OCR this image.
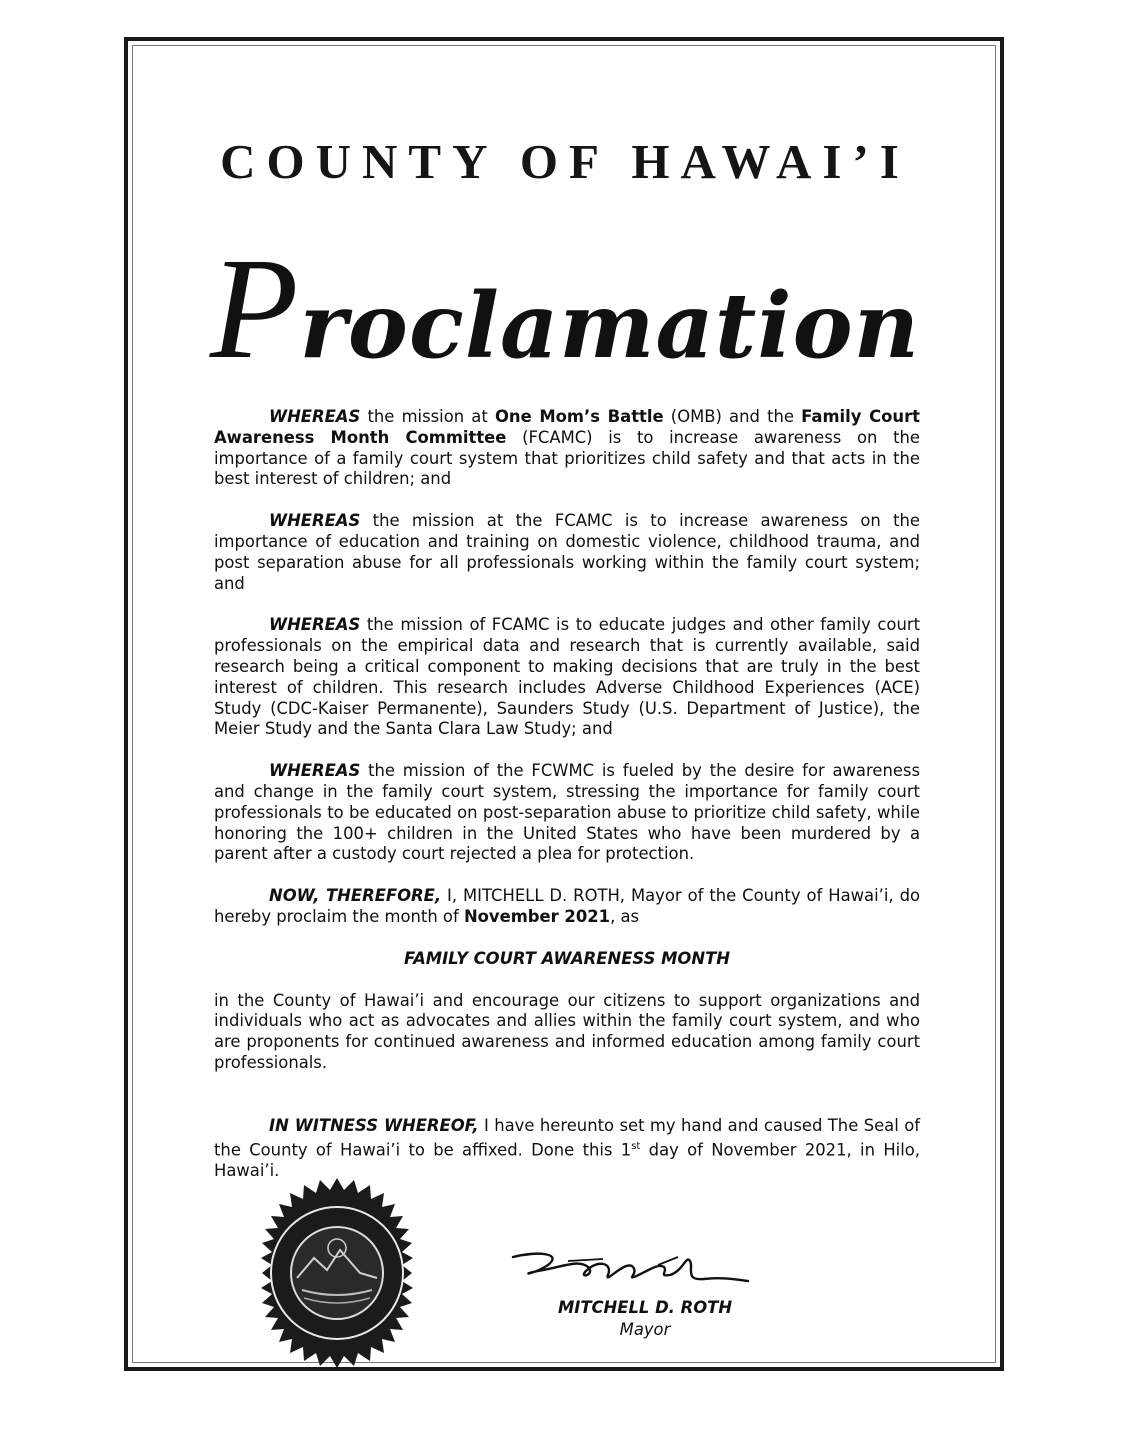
COUNTY OF HAWAI’I
Proclamation

WHEREAS the mission at One Mom’s Battle (OMB) and the Family Court Awareness Month Committee (FCAMC) is to increase awareness on the importance of a family court system that prioritizes child safety and that acts in the best interest of children; and

WHEREAS the mission at the FCAMC is to increase awareness on the importance of education and training on domestic violence, childhood trauma, and post separation abuse for all professionals working within the family court system; and

WHEREAS the mission of FCAMC is to educate judges and other family court professionals on the empirical data and research that is currently available, said research being a critical component to making decisions that are truly in the best interest of children. This research includes Adverse Childhood Experiences (ACE) Study (CDC-Kaiser Permanente), Saunders Study (U.S. Department of Justice), the Meier Study and the Santa Clara Law Study; and

WHEREAS the mission of the FCWMC is fueled by the desire for awareness and change in the family court system, stressing the importance for family court professionals to be educated on post-separation abuse to prioritize child safety, while honoring the 100+ children in the United States who have been murdered by a parent after a custody court rejected a plea for protection.

NOW, THEREFORE, I, MITCHELL D. ROTH, Mayor of the County of Hawai’i, do hereby proclaim the month of November 2021, as

FAMILY COURT AWARENESS MONTH

in the County of Hawai’i and encourage our citizens to support organizations and individuals who act as advocates and allies within the family court system, and who are proponents for continued awareness and informed education among family court professionals.

IN WITNESS WHEREOF, I have hereunto set my hand and caused The Seal of the County of Hawai’i to be affixed. Done this 1st day of November 2021, in Hilo, Hawai’i.

MITCHELL D. ROTH
Mayor
